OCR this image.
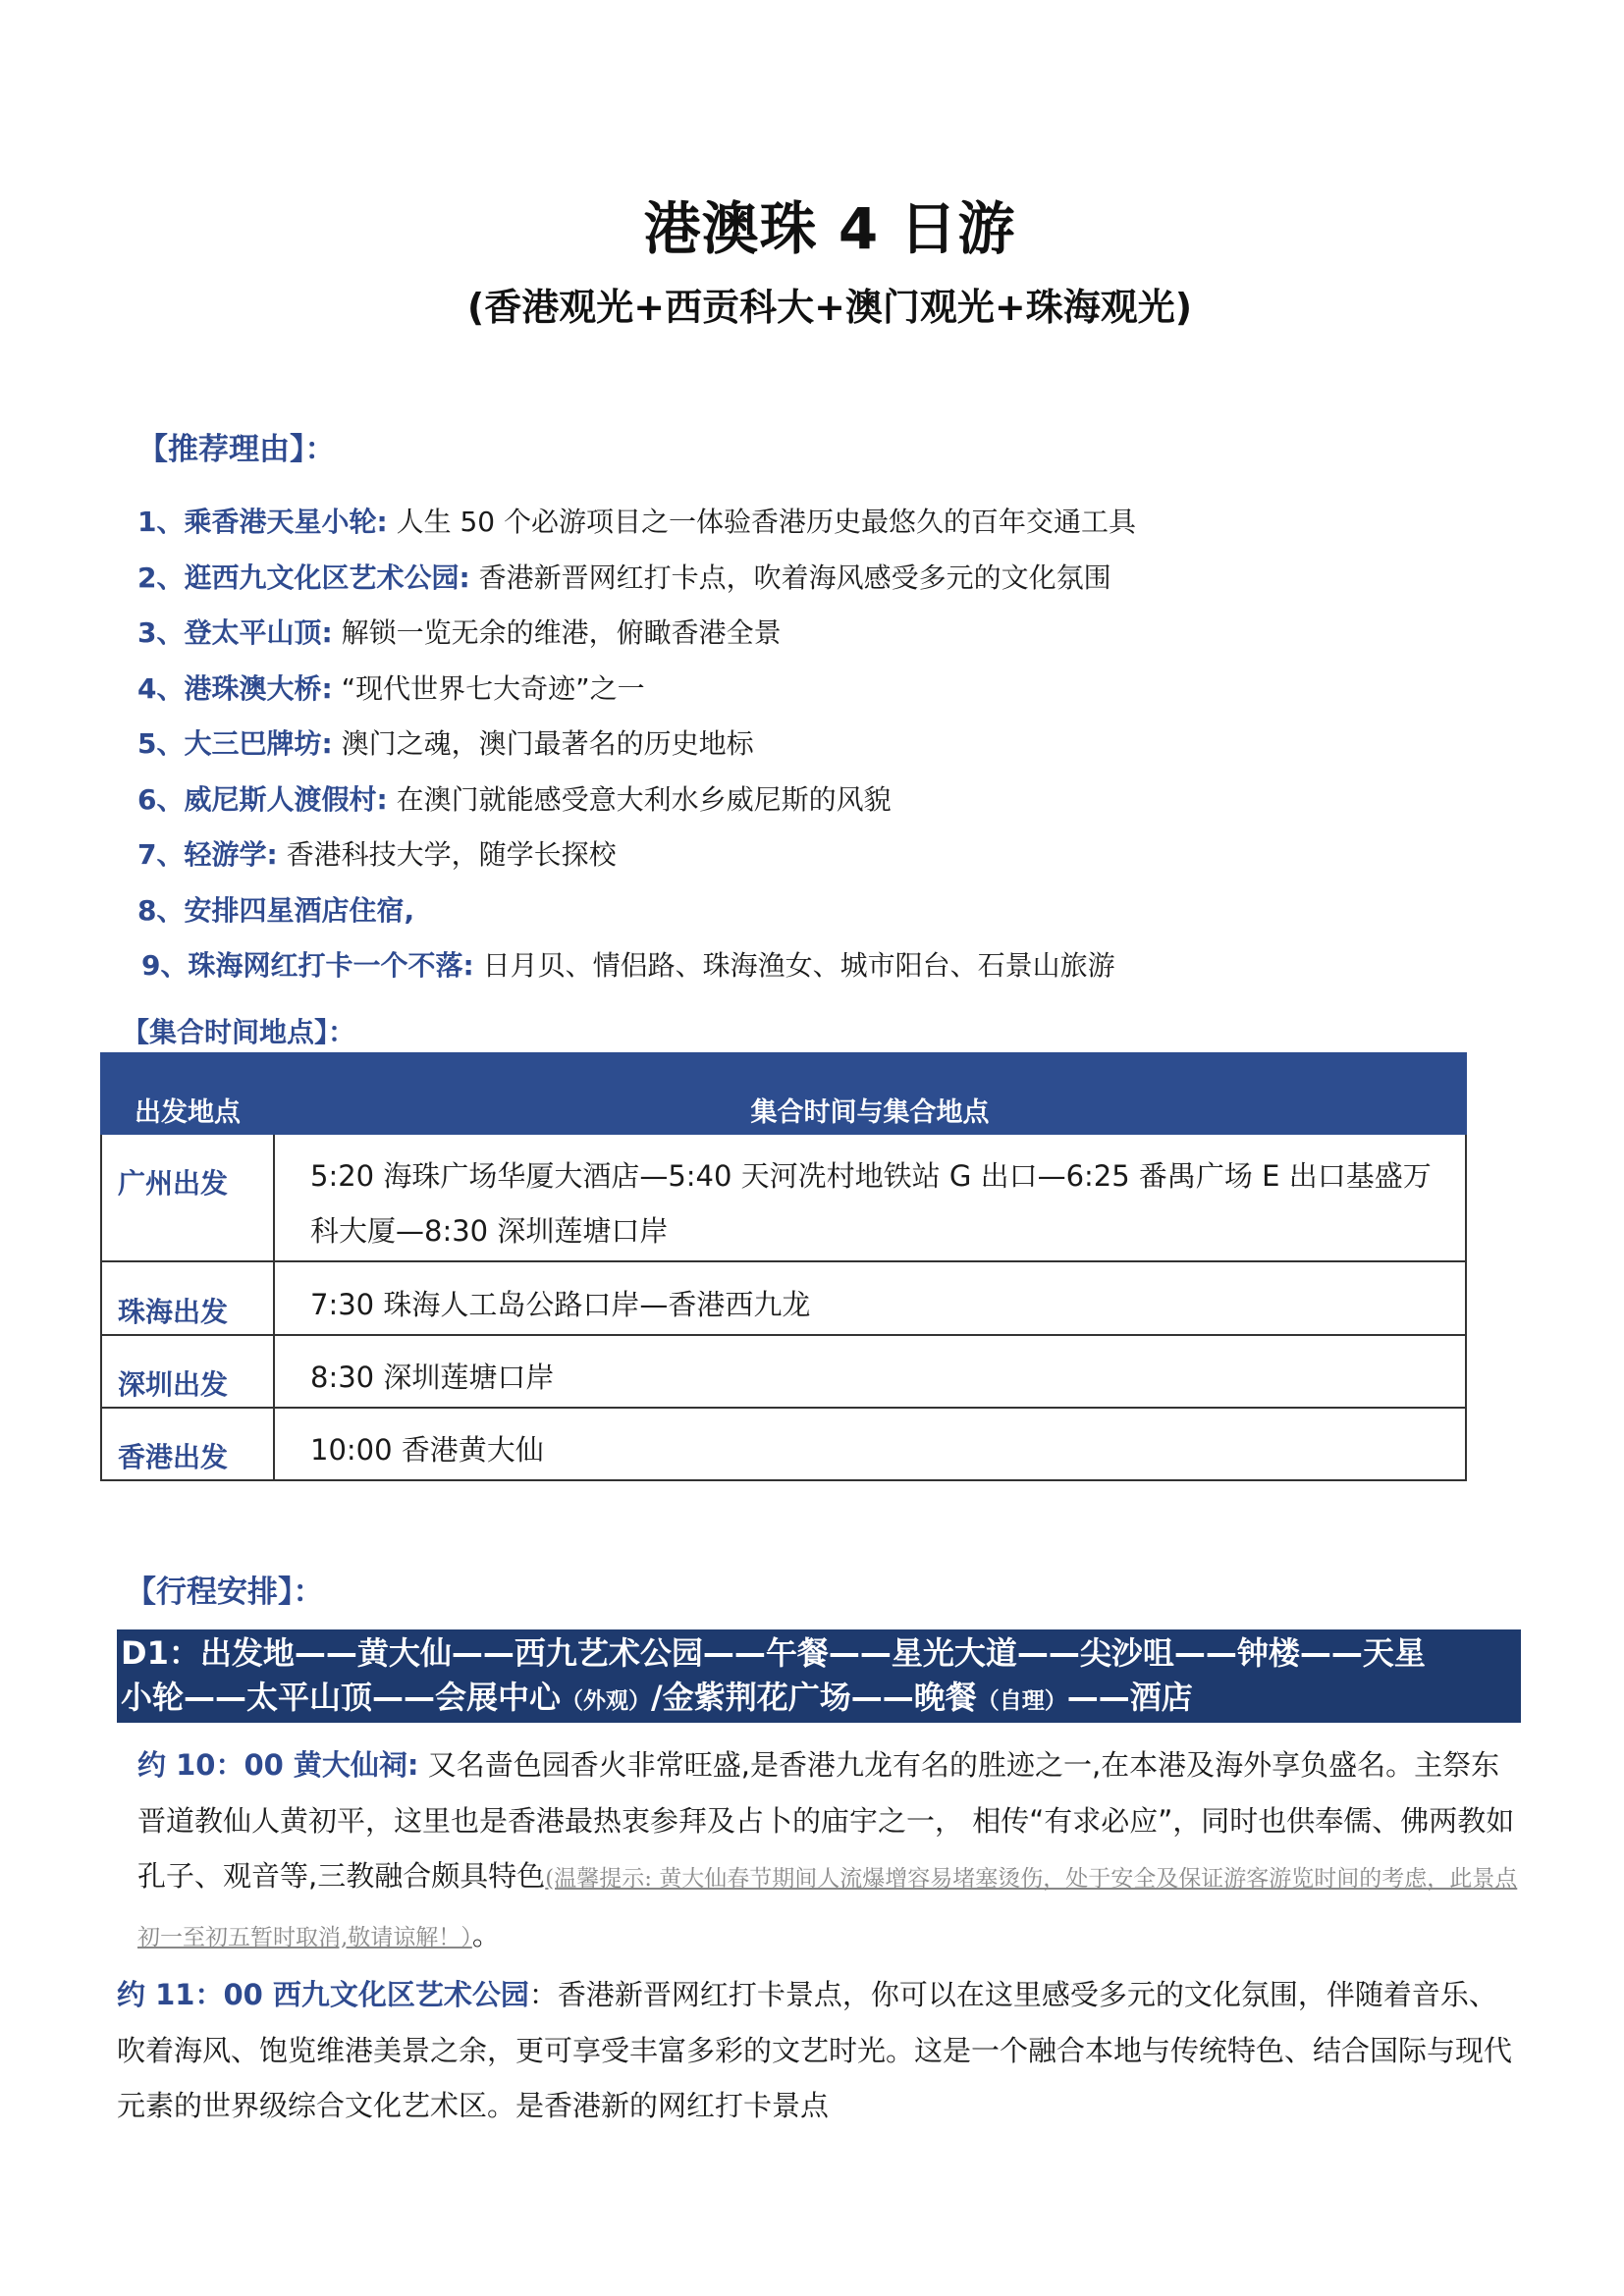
港澳珠 4 日游
(香港观光+西贡科大+澳门观光+珠海观光)
【推荐理由】：
1、乘香港天星小轮: 人生 50 个必游项目之一体验香港历史最悠久的百年交通工具
2、逛西九文化区艺术公园: 香港新晋网红打卡点，吹着海风感受多元的文化氛围
3、登太平山顶: 解锁一览无余的维港，俯瞰香港全景
4、港珠澳大桥: “现代世界七大奇迹”之一
5、大三巴牌坊: 澳门之魂，澳门最著名的历史地标
6、威尼斯人渡假村: 在澳门就能感受意大利水乡威尼斯的风貌
7、轻游学: 香港科技大学，随学长探校
8、安排四星酒店住宿,
9、珠海网红打卡一个不落: 日月贝、情侣路、珠海渔女、城市阳台、石景山旅游
【集合时间地点】：
出发地点	集合时间与集合地点
广州出发	5:20 海珠广场华厦大酒店—5:40 天河冼村地铁站 G 出口—6:25 番禺广场 E 出口基盛万科大厦—8:30 深圳莲塘口岸
珠海出发	7:30 珠海人工岛公路口岸—香港西九龙
深圳出发	8:30 深圳莲塘口岸
香港出发	10:00 香港黄大仙
【行程安排】：
D1：出发地——黄大仙——西九艺术公园——午餐——星光大道——尖沙咀——钟楼——天星
小轮——太平山顶——会展中心（外观）/金紫荆花广场——晚餐（自理）——酒店
约 10：00 黄大仙祠: 又名啬色园香火非常旺盛,是香港九龙有名的胜迹之一,在本港及海外享负盛名。主祭东晋道教仙人黄初平，这里也是香港最热衷参拜及占卜的庙宇之一， 相传“有求必应”，同时也供奉儒、佛两教如孔子、观音等,三教融合颇具特色(温馨提示: 黄大仙春节期间人流爆增容易堵塞烫伤，处于安全及保证游客游览时间的考虑，此景点初一至初五暂时取消,敬请谅解！）。
约 11：00 西九文化区艺术公园：香港新晋网红打卡景点，你可以在这里感受多元的文化氛围，伴随着音乐、吹着海风、饱览维港美景之余，更可享受丰富多彩的文艺时光。这是一个融合本地与传统特色、结合国际与现代元素的世界级综合文化艺术区。是香港新的网红打卡景点
